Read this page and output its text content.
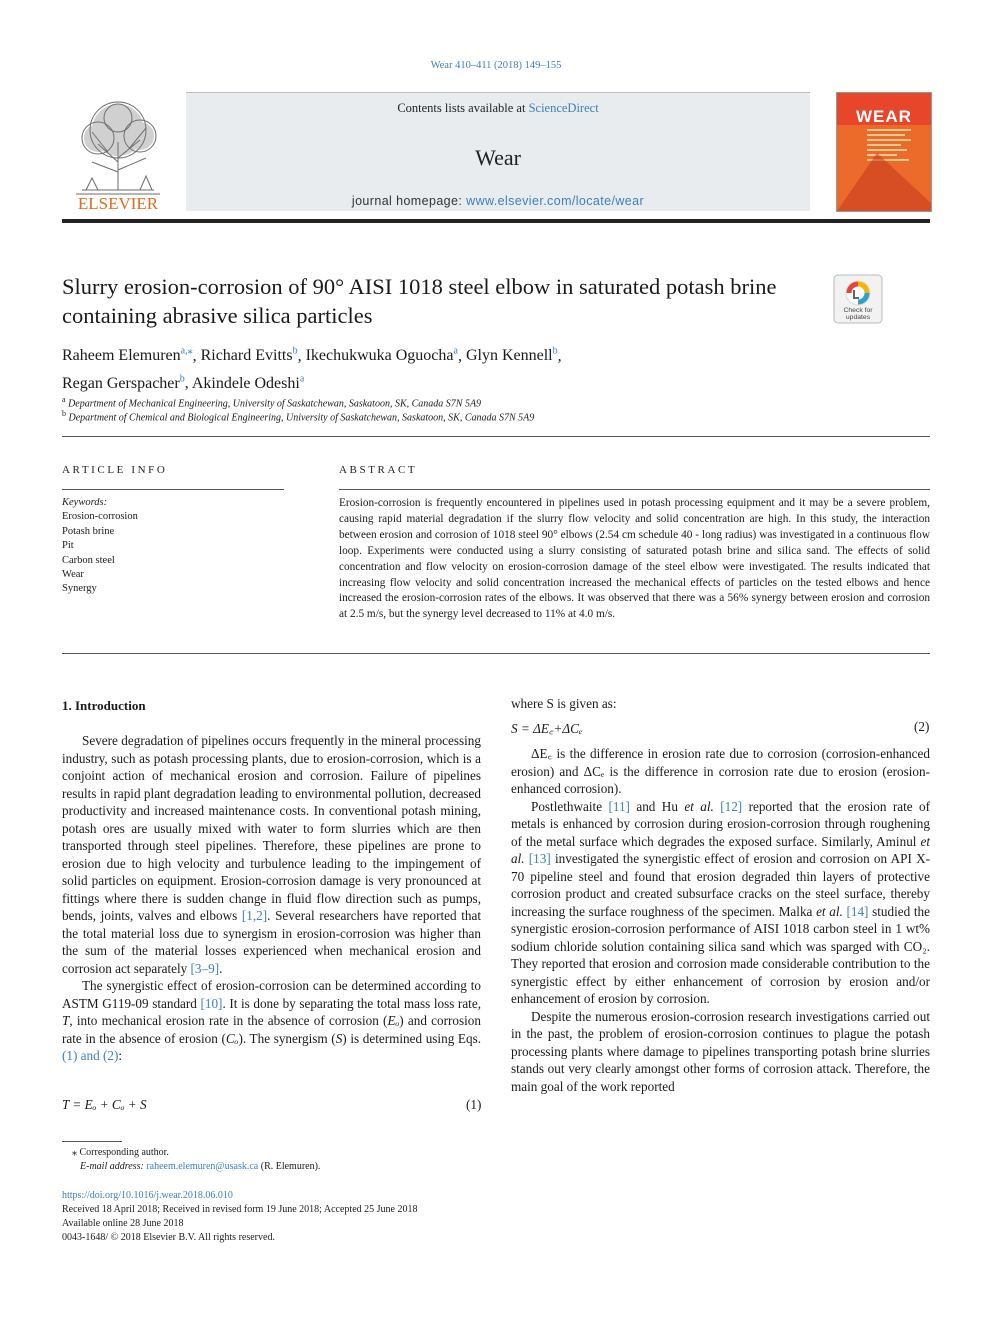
Wear 410–411 (2018) 149–155
ELSEVIER
Contents lists available at ScienceDirect
Wear
journal homepage: www.elsevier.com/locate/wear
WEAR
Slurry erosion-corrosion of 90° AISI 1018 steel elbow in saturated potash brine containing abrasive silica particles	Check for
updates
Raheem Elemuren$^{a,⁎}$, Richard Evitts$^b$, Ikechukwuka Oguocha$^a$, Glyn Kennell$^b$,
Regan Gerspacher$^b$, Akindele Odeshi$^a$
$^a$ Department of Mechanical Engineering, University of Saskatchewan, Saskatoon, SK, Canada S7N 5A9
$^b$ Department of Chemical and Biological Engineering, University of Saskatchewan, Saskatoon, SK, Canada S7N 5A9
ARTICLE INFO	ABSTRACT
Keywords:
Erosion-corrosion
Potash brine
Pit
Carbon steel
Wear
Synergy
Erosion-corrosion is frequently encountered in pipelines used in potash processing equipment and it may be a severe problem, causing rapid material degradation if the slurry flow velocity and solid concentration are high. In this study, the interaction between erosion and corrosion of 1018 steel 90° elbows (2.54 cm schedule 40 - long radius) was investigated in a continuous flow loop. Experiments were conducted using a slurry consisting of saturated potash brine and silica sand. The effects of solid concentration and flow velocity on erosion-corrosion damage of the steel elbow were investigated. The results indicated that increasing flow velocity and solid concentration increased the mechanical effects of particles on the tested elbows and hence increased the erosion-corrosion rates of the elbows. It was observed that there was a 56% synergy between erosion and corrosion at 2.5 m/s, but the synergy level decreased to 11% at 4.0 m/s.
1. Introduction

Severe degradation of pipelines occurs frequently in the mineral processing industry, such as potash processing plants, due to erosion-corrosion, which is a conjoint action of mechanical erosion and corrosion. Failure of pipelines results in rapid plant degradation leading to environmental pollution, decreased productivity and increased maintenance costs. In conventional potash mining, potash ores are usually mixed with water to form slurries which are then transported through steel pipelines. Therefore, these pipelines are prone to erosion due to high velocity and turbulence leading to the impingement of solid particles on equipment. Erosion-corrosion damage is very pronounced at fittings where there is sudden change in fluid flow direction such as pumps, bends, joints, valves and elbows [1,2]. Several researchers have reported that the total material loss due to synergism in erosion-corrosion was higher than the sum of the material losses experienced when mechanical erosion and corrosion act separately [3–9].

The synergistic effect of erosion-corrosion can be determined according to ASTM G119-09 standard [10]. It is done by separating the total mass loss rate, T, into mechanical erosion rate in the absence of corrosion (Eₒ) and corrosion rate in the absence of erosion (Cₒ). The synergism (S) is determined using Eqs. (1) and (2):

T = Eₒ + Cₒ + S	(1)
where S is given as:
S = ΔE꜀+ΔCₑ	(2)

ΔE꜀ is the difference in erosion rate due to corrosion (corrosion-enhanced erosion) and ΔCₑ is the difference in corrosion rate due to erosion (erosion-enhanced corrosion).

Postlethwaite [11] and Hu et al. [12] reported that the erosion rate of metals is enhanced by corrosion during erosion-corrosion through roughening of the metal surface which degrades the exposed surface. Similarly, Aminul et al. [13] investigated the synergistic effect of erosion and corrosion on API X-70 pipeline steel and found that erosion degraded thin layers of protective corrosion product and created subsurface cracks on the steel surface, thereby increasing the surface roughness of the specimen. Malka et al. [14] studied the synergistic erosion-corrosion performance of AISI 1018 carbon steel in 1 wt% sodium chloride solution containing silica sand which was sparged with CO₂. They reported that erosion and corrosion made considerable contribution to the synergistic effect by either enhancement of corrosion by erosion and/or enhancement of erosion by corrosion.

Despite the numerous erosion-corrosion research investigations carried out in the past, the problem of erosion-corrosion continues to plague the potash processing plants where damage to pipelines transporting potash brine slurries stands out very clearly amongst other forms of corrosion attack. Therefore, the main goal of the work reported

⁎ Corresponding author.
E-mail address: raheem.elemuren@usask.ca (R. Elemuren).
https://doi.org/10.1016/j.wear.2018.06.010
Received 18 April 2018; Received in revised form 19 June 2018; Accepted 25 June 2018
Available online 28 June 2018
0043-1648/ © 2018 Elsevier B.V. All rights reserved.
